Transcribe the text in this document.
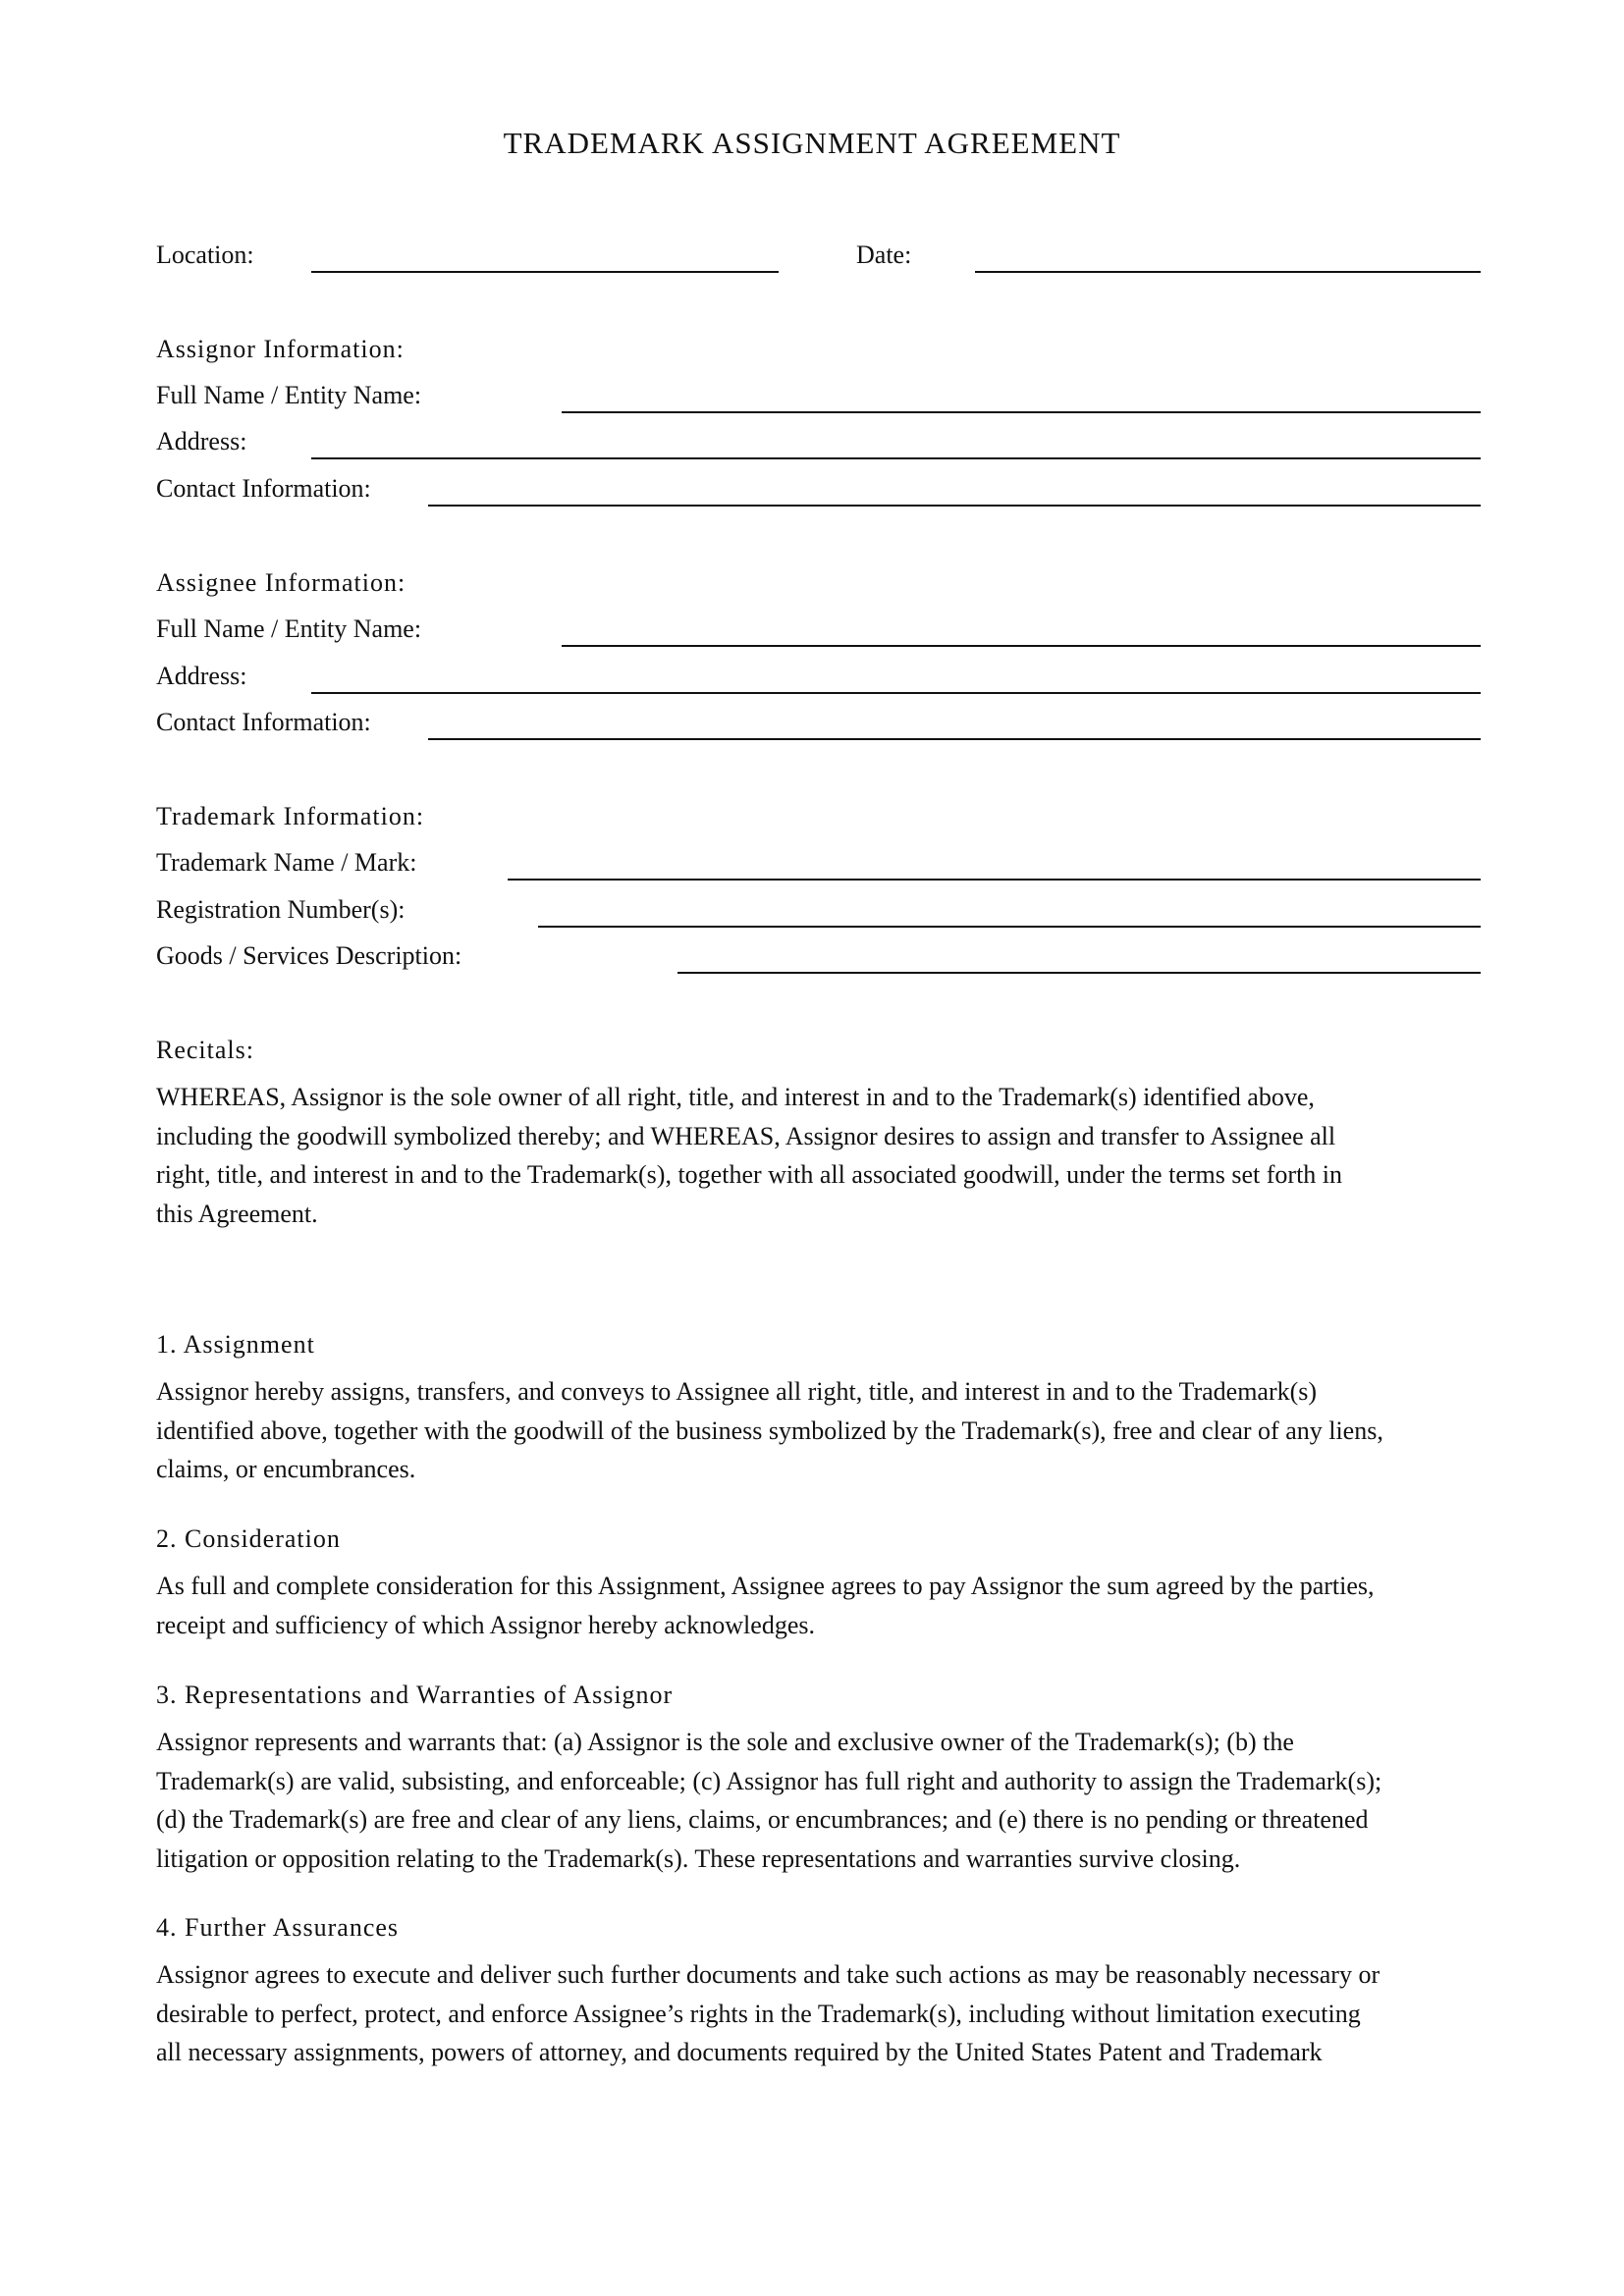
TRADEMARK ASSIGNMENT AGREEMENT
Location:	Date:
Assignor Information:
Full Name / Entity Name:
Address:
Contact Information:
Assignee Information:
Full Name / Entity Name:
Address:
Contact Information:
Trademark Information:
Trademark Name / Mark:
Registration Number(s):
Goods / Services Description:
Recitals:
WHEREAS, Assignor is the sole owner of all right, title, and interest in and to the Trademark(s) identified above,
including the goodwill symbolized thereby; and WHEREAS, Assignor desires to assign and transfer to Assignee all
right, title, and interest in and to the Trademark(s), together with all associated goodwill, under the terms set forth in
this Agreement.
1. Assignment
Assignor hereby assigns, transfers, and conveys to Assignee all right, title, and interest in and to the Trademark(s)
identified above, together with the goodwill of the business symbolized by the Trademark(s), free and clear of any liens,
claims, or encumbrances.
2. Consideration
As full and complete consideration for this Assignment, Assignee agrees to pay Assignor the sum agreed by the parties,
receipt and sufficiency of which Assignor hereby acknowledges.
3. Representations and Warranties of Assignor
Assignor represents and warrants that: (a) Assignor is the sole and exclusive owner of the Trademark(s); (b) the
Trademark(s) are valid, subsisting, and enforceable; (c) Assignor has full right and authority to assign the Trademark(s);
(d) the Trademark(s) are free and clear of any liens, claims, or encumbrances; and (e) there is no pending or threatened
litigation or opposition relating to the Trademark(s). These representations and warranties survive closing.
4. Further Assurances
Assignor agrees to execute and deliver such further documents and take such actions as may be reasonably necessary or
desirable to perfect, protect, and enforce Assignee’s rights in the Trademark(s), including without limitation executing
all necessary assignments, powers of attorney, and documents required by the United States Patent and Trademark
